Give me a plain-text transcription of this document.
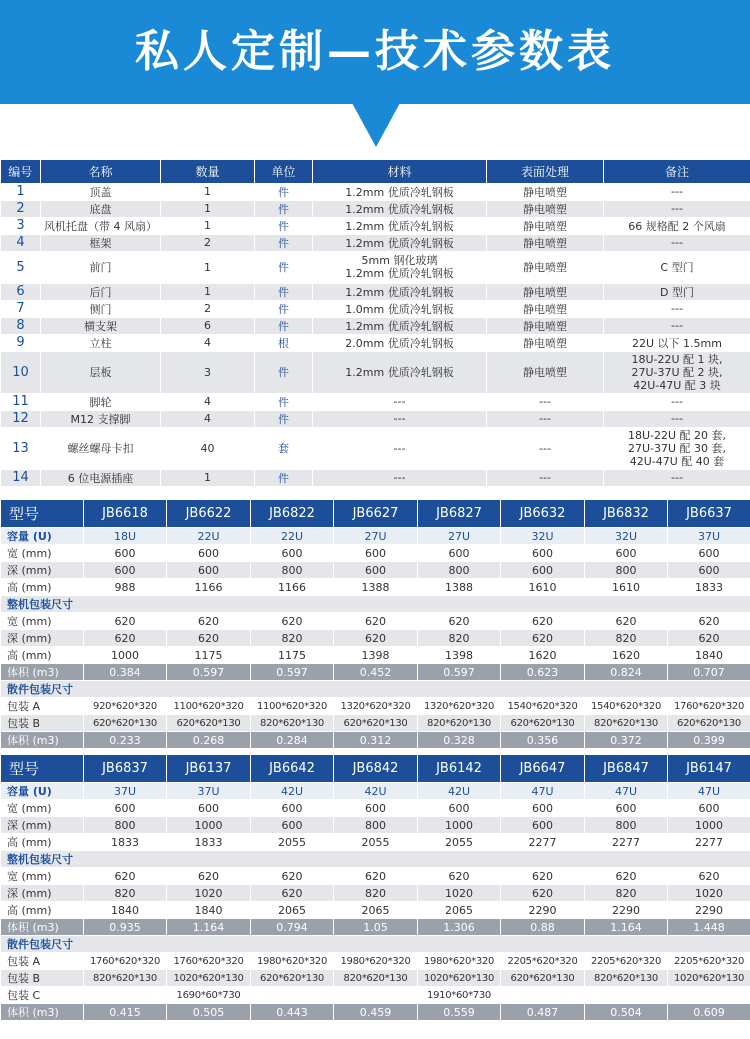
私人定制—技术参数表
编号	名称	数量	单位	材料	表面处理	备注
1	顶盖	1	件	1.2mm 优质冷轧钢板	静电喷塑	---
2	底盘	1	件	1.2mm 优质冷轧钢板	静电喷塑	---
3	风机托盘（带 4 风扇）	1	件	1.2mm 优质冷轧钢板	静电喷塑	66 规格配 2 个风扇
4	框架	2	件	1.2mm 优质冷轧钢板	静电喷塑	---
5	前门	1	件	5mm 钢化玻璃
1.2mm 优质冷轧钢板	静电喷塑	C 型门
6	后门	1	件	1.2mm 优质冷轧钢板	静电喷塑	D 型门
7	侧门	2	件	1.0mm 优质冷轧钢板	静电喷塑	---
8	横支架	6	件	1.2mm 优质冷轧钢板	静电喷塑	---
9	立柱	4	根	2.0mm 优质冷轧钢板	静电喷塑	22U 以下 1.5mm
10	层板	3	件	1.2mm 优质冷轧钢板	静电喷塑	18U-22U 配 1 块,
27U-37U 配 2 块,
42U-47U 配 3 块
11	脚轮	4	件	---	---	---
12	M12 支撑脚	4	件	---	---	---
13	螺丝螺母卡扣	40	套	---	---	18U-22U 配 20 套,
27U-37U 配 30 套,
42U-47U 配 40 套
14	6 位电源插座	1	件	---	---	---
型号	JB6618	JB6622	JB6822	JB6627	JB6827	JB6632	JB6832	JB6637
容量 (U)	18U	22U	22U	27U	27U	32U	32U	37U
宽 (mm)	600	600	600	600	600	600	600	600
深 (mm)	600	600	800	600	800	600	800	600
高 (mm)	988	1166	1166	1388	1388	1610	1610	1833
整机包装尺寸								
宽 (mm)	620	620	620	620	620	620	620	620
深 (mm)	620	620	820	620	820	620	820	620
高 (mm)	1000	1175	1175	1398	1398	1620	1620	1840
体积 (m3)	0.384	0.597	0.597	0.452	0.597	0.623	0.824	0.707
散件包装尺寸								
包装 A	920*620*320	1100*620*320	1100*620*320	1320*620*320	1320*620*320	1540*620*320	1540*620*320	1760*620*320
包装 B	620*620*130	620*620*130	820*620*130	620*620*130	820*620*130	620*620*130	820*620*130	620*620*130
体积 (m3)	0.233	0.268	0.284	0.312	0.328	0.356	0.372	0.399
型号	JB6837	JB6137	JB6642	JB6842	JB6142	JB6647	JB6847	JB6147
容量 (U)	37U	37U	42U	42U	42U	47U	47U	47U
宽 (mm)	600	600	600	600	600	600	600	600
深 (mm)	800	1000	600	800	1000	600	800	1000
高 (mm)	1833	1833	2055	2055	2055	2277	2277	2277
整机包装尺寸								
宽 (mm)	620	620	620	620	620	620	620	620
深 (mm)	820	1020	620	820	1020	620	820	1020
高 (mm)	1840	1840	2065	2065	2065	2290	2290	2290
体积 (m3)	0.935	1.164	0.794	1.05	1.306	0.88	1.164	1.448
散件包装尺寸								
包装 A	1760*620*320	1760*620*320	1980*620*320	1980*620*320	1980*620*320	2205*620*320	2205*620*320	2205*620*320
包装 B	820*620*130	1020*620*130	620*620*130	820*620*130	1020*620*130	620*620*130	820*620*130	1020*620*130
包装 C		1690*60*730			1910*60*730			
体积 (m3)	0.415	0.505	0.443	0.459	0.559	0.487	0.504	0.609
